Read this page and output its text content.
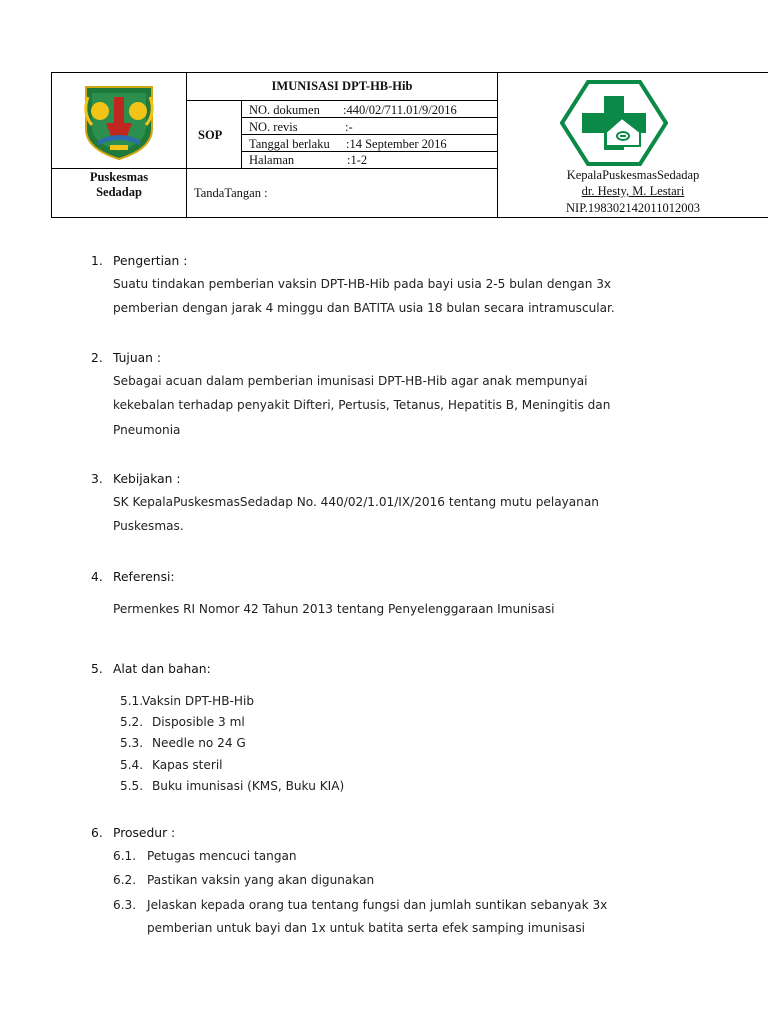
IMUNISASI DPT-HB-Hib
SOP
NO. dokumen :440/02/711.01/9/2016
NO. revis	:-
Tanggal berlaku :14 September 2016
Halaman	:1-2
Puskesmas
Sedadap	TandaTangan :
KepalaPuskesmasSedadap
dr. Hesty, M. Lestari
NIP.198302142011012003
1. Pengertian :
Suatu tindakan pemberian vaksin DPT-HB-Hib pada bayi usia 2-5 bulan dengan 3x
pemberian dengan jarak 4 minggu dan BATITA usia 18 bulan secara intramuscular.
2. Tujuan :
Sebagai acuan dalam pemberian imunisasi DPT-HB-Hib agar anak mempunyai
kekebalan terhadap penyakit Difteri, Pertusis, Tetanus, Hepatitis B, Meningitis dan
Pneumonia
3. Kebijakan :
SK KepalaPuskesmasSedadap No. 440/02/1.01/IX/2016 tentang mutu pelayanan
Puskesmas.
4. Referensi:
Permenkes RI Nomor 42 Tahun 2013 tentang Penyelenggaraan Imunisasi
5. Alat dan bahan:
5.1.
Vaksin DPT-HB-Hib
5.2. Disposible 3 ml
5.3. Needle no 24 G
5.4. Kapas steril
5.5. Buku imunisasi (KMS, Buku KIA)
6. Prosedur :
6.1. Petugas mencuci tangan
6.2. Pastikan vaksin yang akan digunakan
6.3. Jelaskan kepada orang tua tentang fungsi dan jumlah suntikan sebanyak 3x
pemberian untuk bayi dan 1x untuk batita serta efek samping imunisasi
